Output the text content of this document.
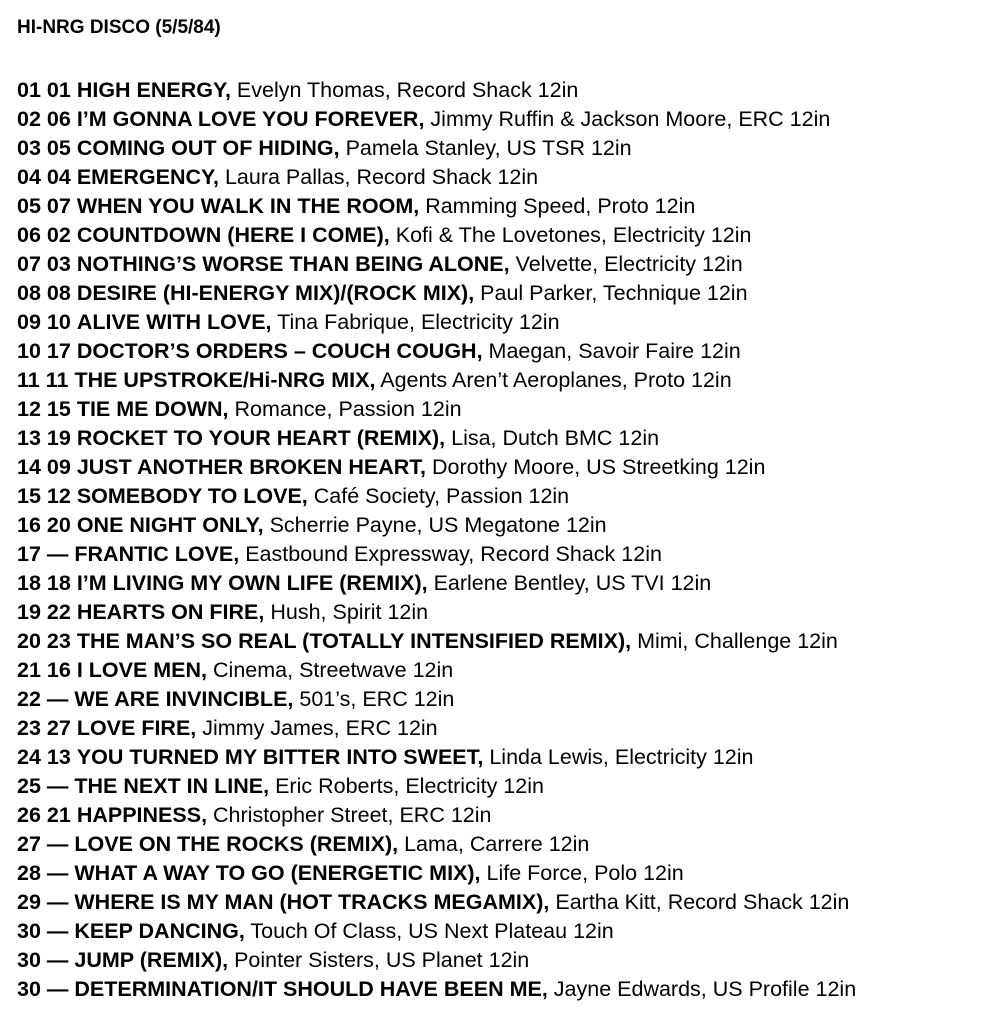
HI-NRG DISCO (5/5/84)
01 01 HIGH ENERGY, Evelyn Thomas, Record Shack 12in
02 06 I’M GONNA LOVE YOU FOREVER, Jimmy Ruffin & Jackson Moore, ERC 12in
03 05 COMING OUT OF HIDING, Pamela Stanley, US TSR 12in
04 04 EMERGENCY, Laura Pallas, Record Shack 12in
05 07 WHEN YOU WALK IN THE ROOM, Ramming Speed, Proto 12in
06 02 COUNTDOWN (HERE I COME), Kofi & The Lovetones, Electricity 12in
07 03 NOTHING’S WORSE THAN BEING ALONE, Velvette, Electricity 12in
08 08 DESIRE (HI-ENERGY MIX)/(ROCK MIX), Paul Parker, Technique 12in
09 10 ALIVE WITH LOVE, Tina Fabrique, Electricity 12in
10 17 DOCTOR’S ORDERS – COUCH COUGH, Maegan, Savoir Faire 12in
11 11 THE UPSTROKE/Hi-NRG MIX, Agents Aren’t Aeroplanes, Proto 12in
12 15 TIE ME DOWN, Romance, Passion 12in
13 19 ROCKET TO YOUR HEART (REMIX), Lisa, Dutch BMC 12in
14 09 JUST ANOTHER BROKEN HEART, Dorothy Moore, US Streetking 12in
15 12 SOMEBODY TO LOVE, Café Society, Passion 12in
16 20 ONE NIGHT ONLY, Scherrie Payne, US Megatone 12in
17 — FRANTIC LOVE, Eastbound Expressway, Record Shack 12in
18 18 I’M LIVING MY OWN LIFE (REMIX), Earlene Bentley, US TVI 12in
19 22 HEARTS ON FIRE, Hush, Spirit 12in
20 23 THE MAN’S SO REAL (TOTALLY INTENSIFIED REMIX), Mimi, Challenge 12in
21 16 I LOVE MEN, Cinema, Streetwave 12in
22 — WE ARE INVINCIBLE, 501’s, ERC 12in
23 27 LOVE FIRE, Jimmy James, ERC 12in
24 13 YOU TURNED MY BITTER INTO SWEET, Linda Lewis, Electricity 12in
25 — THE NEXT IN LINE, Eric Roberts, Electricity 12in
26 21 HAPPINESS, Christopher Street, ERC 12in
27 — LOVE ON THE ROCKS (REMIX), Lama, Carrere 12in
28 — WHAT A WAY TO GO (ENERGETIC MIX), Life Force, Polo 12in
29 — WHERE IS MY MAN (HOT TRACKS MEGAMIX), Eartha Kitt, Record Shack 12in
30 — KEEP DANCING, Touch Of Class, US Next Plateau 12in
30 — JUMP (REMIX), Pointer Sisters, US Planet 12in
30 — DETERMINATION/IT SHOULD HAVE BEEN ME, Jayne Edwards, US Profile 12in
